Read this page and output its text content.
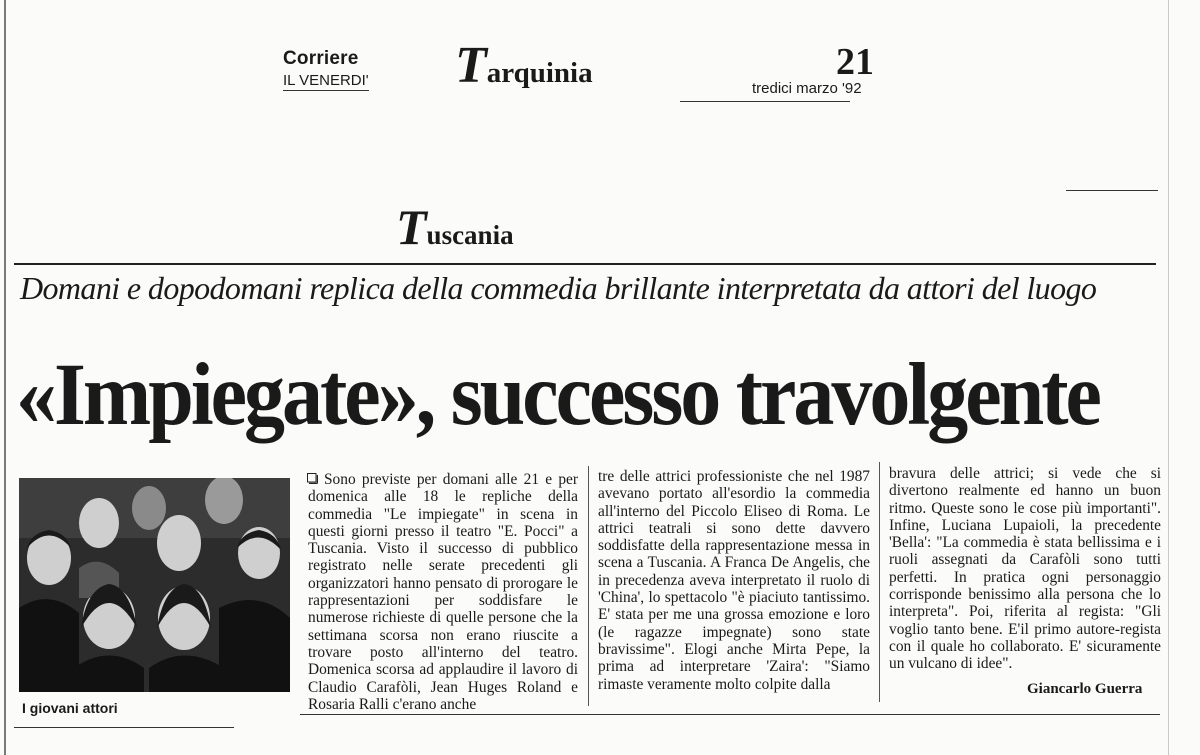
Corriere
IL VENERDI' Tarquinia	21
tredici marzo '92
Tuscania
Domani e dopodomani replica della commedia brillante interpretata da attori del luogo
«Impiegate», successo travolgente
I giovani attori

Sono previste per domani alle 21 e per domenica alle 18 le repliche della commedia "Le impiegate" in scena in questi giorni presso il teatro "E. Pocci" a Tuscania. Visto il successo di pubblico registrato nelle serate precedenti gli organizzatori hanno pensato di prorogare le rappresentazioni per soddisfare le numerose richieste di quelle persone che la settimana scorsa non erano riuscite a trovare posto all'interno del teatro. Domenica scorsa ad applaudire il lavoro di Claudio Carafòli, Jean Huges Roland e Rosaria Ralli c'erano anche

tre delle attrici professioniste che nel 1987 avevano portato all'esordio la commedia all'interno del Piccolo Eliseo di Roma. Le attrici teatrali si sono dette davvero soddisfatte della rappresentazione messa in scena a Tuscania. A Franca De Angelis, che in precedenza aveva interpretato il ruolo di 'China', lo spettacolo "è piaciuto tantissimo. E' stata per me una grossa emozione e loro (le ragazze impegnate) sono state bravissime". Elogi anche Mirta Pepe, la prima ad interpretare 'Zaira': "Siamo rimaste veramente molto colpite dalla

bravura delle attrici; si vede che si divertono realmente ed hanno un buon ritmo. Queste sono le cose più importanti". Infine, Luciana Lupaioli, la precedente 'Bella': "La commedia è stata bellissima e i ruoli assegnati da Carafòli sono tutti perfetti. In pratica ogni personaggio corrisponde benissimo alla persona che lo interpreta". Poi, riferita al regista: "Gli voglio tanto bene. E'il primo autore-regista con il quale ho collaborato. E' sicuramente un vulcano di idee".

Giancarlo Guerra
